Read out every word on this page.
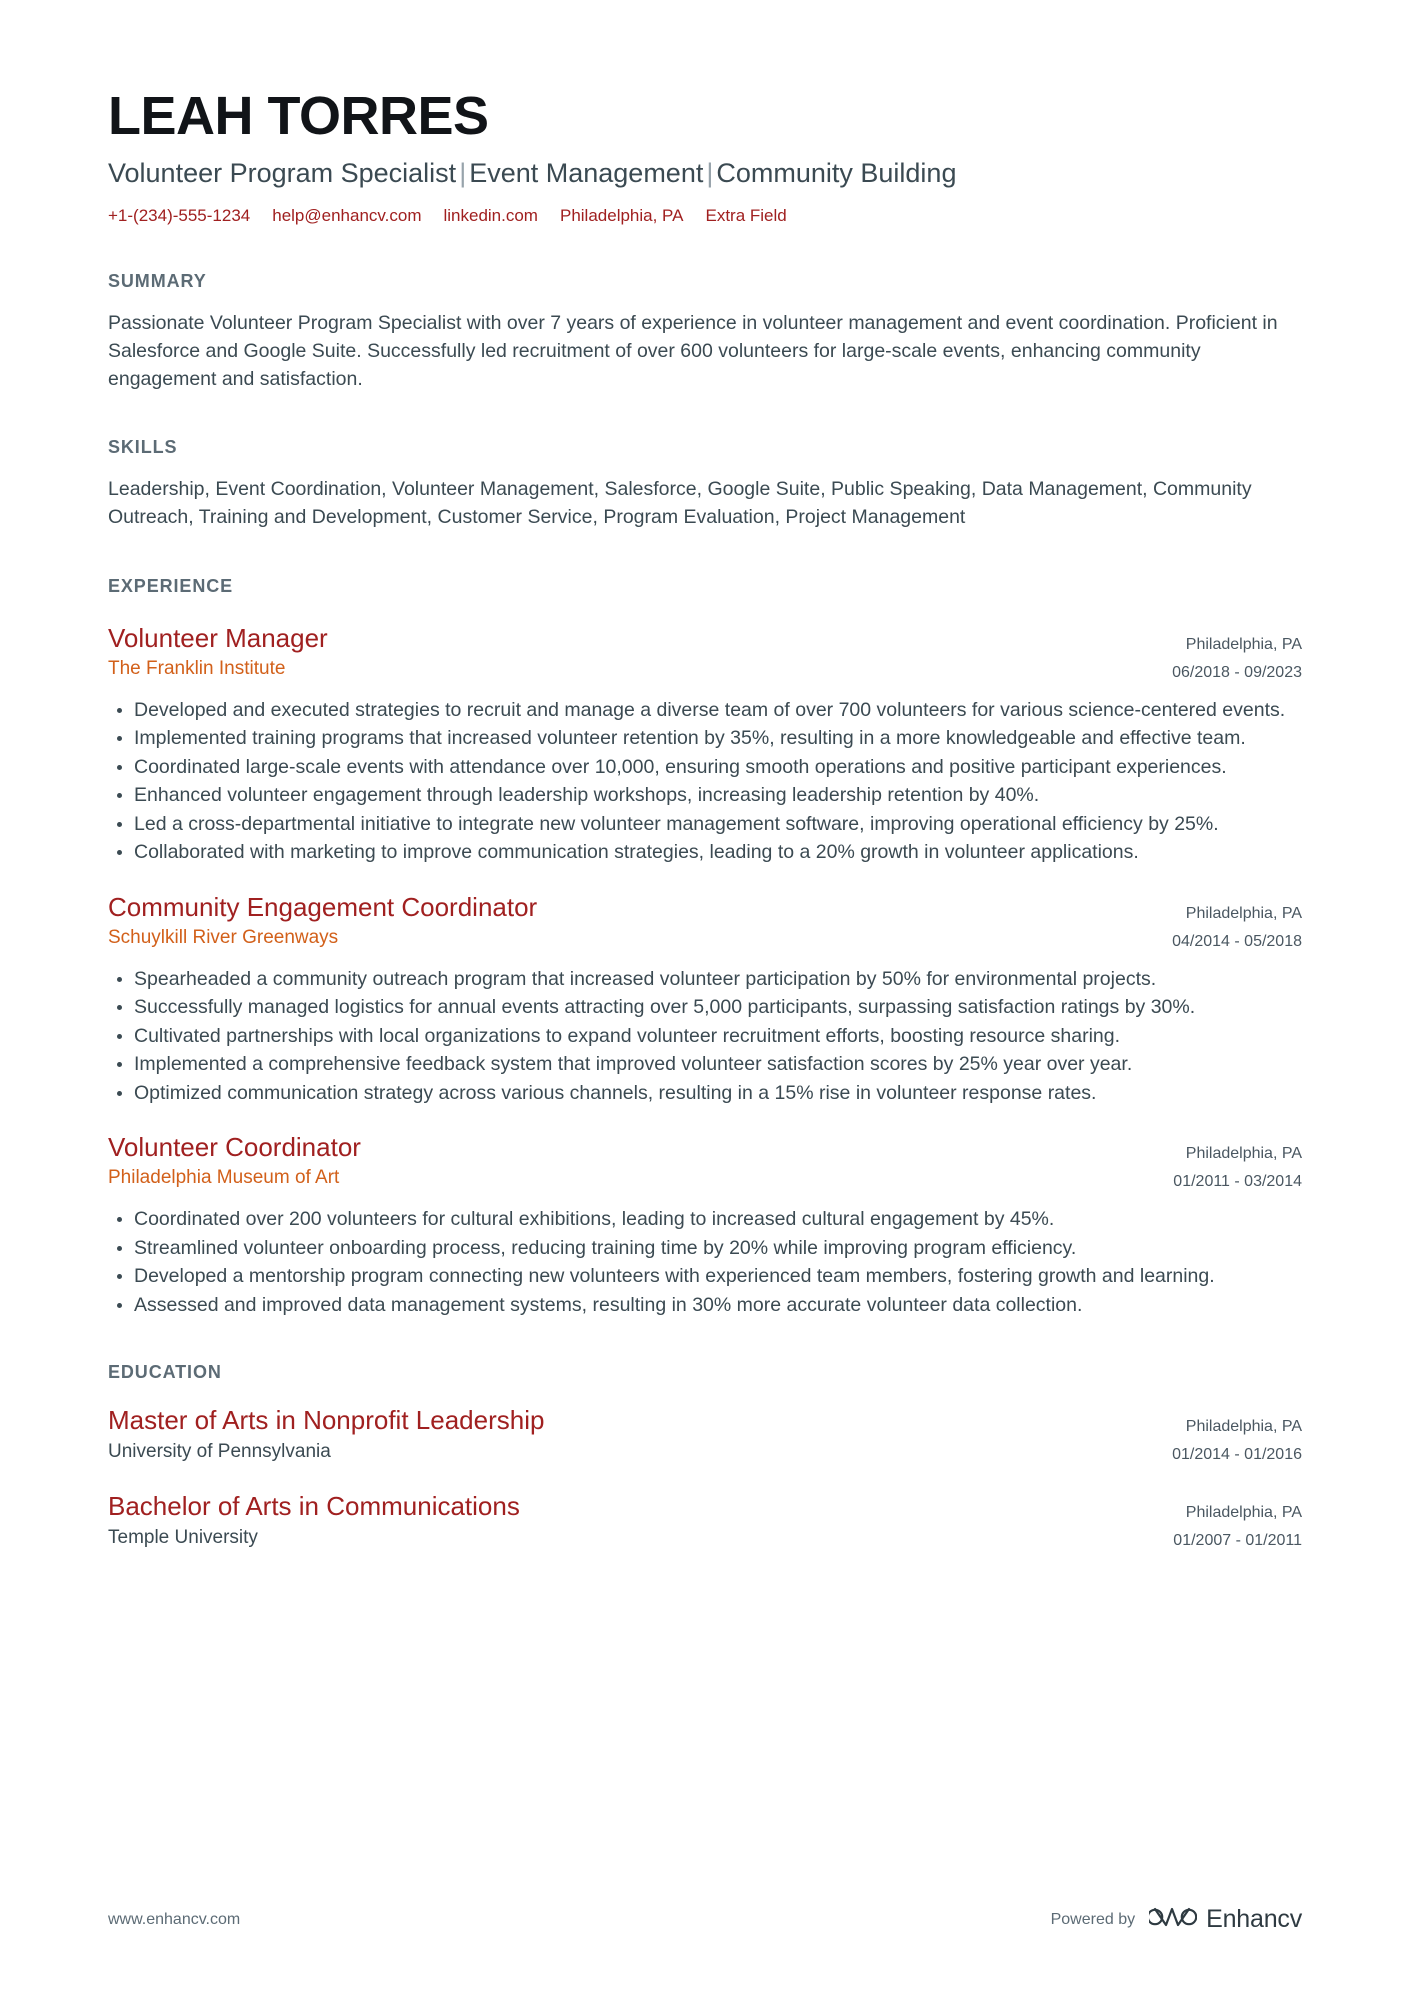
LEAH TORRES
Volunteer Program Specialist | Event Management | Community Building
+1-(234)-555-1234 help@enhancv.com linkedin.com Philadelphia, PA Extra Field
SUMMARY

Passionate Volunteer Program Specialist with over 7 years of experience in volunteer management and event coordination. Proficient in Salesforce and Google Suite. Successfully led recruitment of over 600 volunteers for large-scale events, enhancing community engagement and satisfaction.

SKILLS

Leadership, Event Coordination, Volunteer Management, Salesforce, Google Suite, Public Speaking, Data Management, Community Outreach, Training and Development, Customer Service, Program Evaluation, Project Management

EXPERIENCE
Volunteer Manager
The Franklin Institute
Philadelphia, PA
06/2018 - 09/2023
Developed and executed strategies to recruit and manage a diverse team of over 700 volunteers for various science-centered events.
Implemented training programs that increased volunteer retention by 35%, resulting in a more knowledgeable and effective team.
Coordinated large-scale events with attendance over 10,000, ensuring smooth operations and positive participant experiences.
Enhanced volunteer engagement through leadership workshops, increasing leadership retention by 40%.
Led a cross-departmental initiative to integrate new volunteer management software, improving operational efficiency by 25%.
Collaborated with marketing to improve communication strategies, leading to a 20% growth in volunteer applications.
Community Engagement Coordinator
Schuylkill River Greenways
Philadelphia, PA
04/2014 - 05/2018
Spearheaded a community outreach program that increased volunteer participation by 50% for environmental projects.
Successfully managed logistics for annual events attracting over 5,000 participants, surpassing satisfaction ratings by 30%.
Cultivated partnerships with local organizations to expand volunteer recruitment efforts, boosting resource sharing.
Implemented a comprehensive feedback system that improved volunteer satisfaction scores by 25% year over year.
Optimized communication strategy across various channels, resulting in a 15% rise in volunteer response rates.
Volunteer Coordinator
Philadelphia Museum of Art
Philadelphia, PA
01/2011 - 03/2014
Coordinated over 200 volunteers for cultural exhibitions, leading to increased cultural engagement by 45%.
Streamlined volunteer onboarding process, reducing training time by 20% while improving program efficiency.
Developed a mentorship program connecting new volunteers with experienced team members, fostering growth and learning.
Assessed and improved data management systems, resulting in 30% more accurate volunteer data collection.
EDUCATION
Master of Arts in Nonprofit Leadership
University of Pennsylvania
Philadelphia, PA
01/2014 - 01/2016
Bachelor of Arts in Communications
Temple University
Philadelphia, PA
01/2007 - 01/2011
www.enhancv.com	Powered by	Enhancv
